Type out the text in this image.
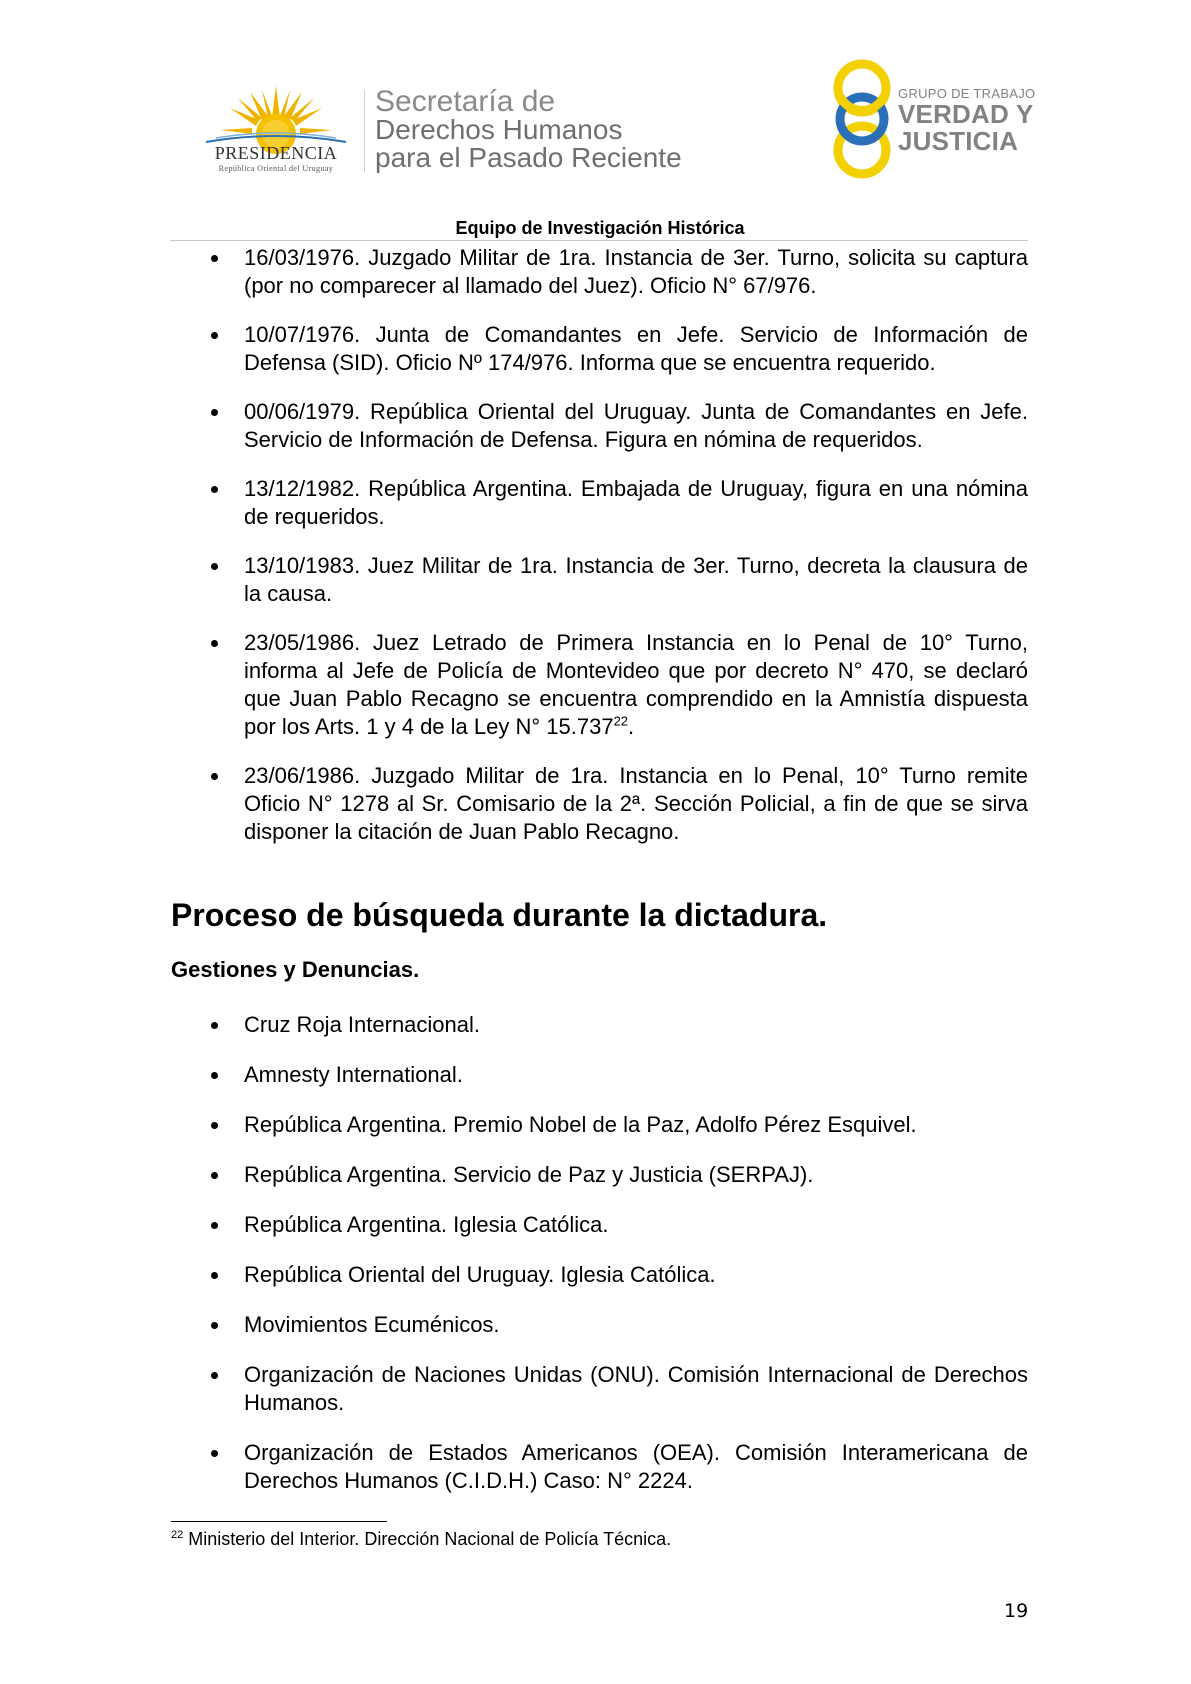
PRESIDENCIA
República Oriental del Uruguay
Secretaría de
Derechos Humanos
para el Pasado Reciente
GRUPO DE TRABAJO
VERDAD Y
JUSTICIA
Equipo de Investigación Histórica
16/03/1976. Juzgado Militar de 1ra. Instancia de 3er. Turno, solicita su captura (por no comparecer al llamado del Juez). Oficio N° 67/976.
10/07/1976. Junta de Comandantes en Jefe. Servicio de Información de Defensa (SID). Oficio Nº 174/976. Informa que se encuentra requerido.
00/06/1979. República Oriental del Uruguay. Junta de Comandantes en Jefe. Servicio de Información de Defensa. Figura en nómina de requeridos.
13/12/1982. República Argentina. Embajada de Uruguay, figura en una nómina de requeridos.
13/10/1983. Juez Militar de 1ra. Instancia de 3er. Turno, decreta la clausura de la causa.
23/05/1986. Juez Letrado de Primera Instancia en lo Penal de 10° Turno, informa al Jefe de Policía de Montevideo que por decreto N° 470, se declaró que Juan Pablo Recagno se encuentra comprendido en la Amnistía dispuesta por los Arts. 1 y 4 de la Ley N° 15.737$^{22}$.
23/06/1986. Juzgado Militar de 1ra. Instancia en lo Penal, 10° Turno remite Oficio N° 1278 al Sr. Comisario de la 2ª. Sección Policial, a fin de que se sirva disponer la citación de Juan Pablo Recagno.
Proceso de búsqueda durante la dictadura.
Gestiones y Denuncias.
Cruz Roja Internacional.
Amnesty International.
República Argentina. Premio Nobel de la Paz, Adolfo Pérez Esquivel.
República Argentina. Servicio de Paz y Justicia (SERPAJ).
República Argentina. Iglesia Católica.
República Oriental del Uruguay. Iglesia Católica.
Movimientos Ecuménicos.
Organización de Naciones Unidas (ONU). Comisión Internacional de Derechos Humanos.
Organización de Estados Americanos (OEA). Comisión Interamericana de Derechos Humanos (C.I.D.H.) Caso: N° 2224.
$^{22}$ Ministerio del Interior. Dirección Nacional de Policía Técnica.
19
